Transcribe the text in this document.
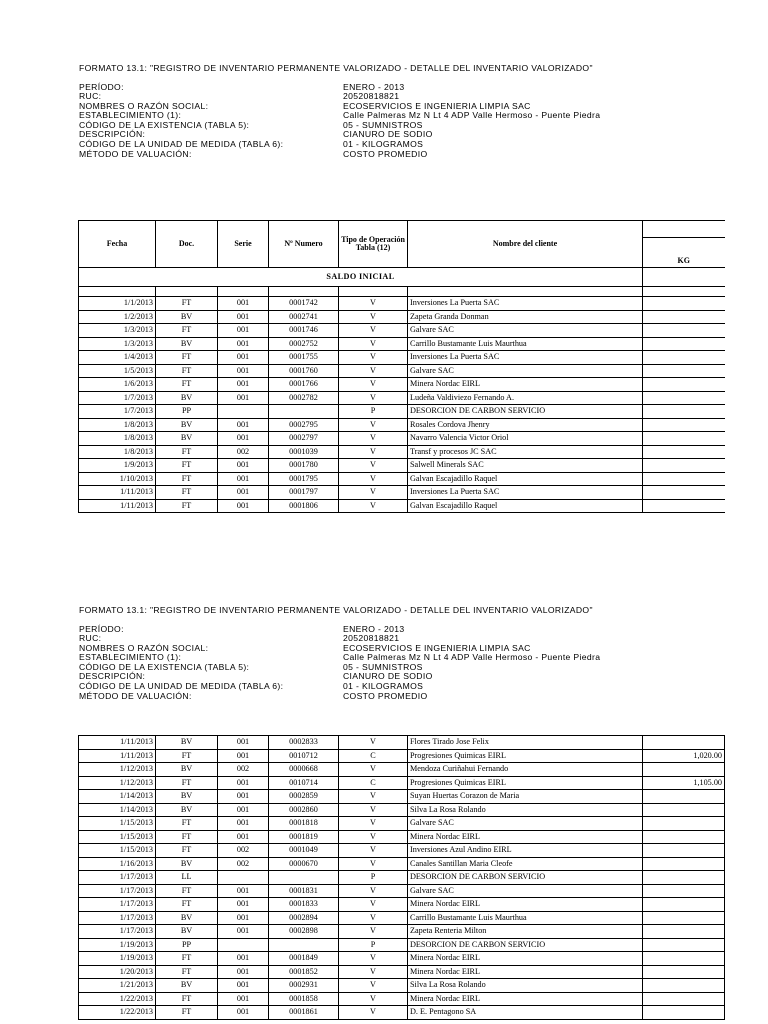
FORMATO 13.1: "REGISTRO DE INVENTARIO PERMANENTE VALORIZADO - DETALLE DEL INVENTARIO VALORIZADO"
PERÍODO:	ENERO - 2013
RUC:	20520818821
NOMBRES O RAZÓN SOCIAL:	ECOSERVICIOS E INGENIERIA LIMPIA SAC
ESTABLECIMIENTO (1):	Calle Palmeras Mz N Lt 4 ADP Valle Hermoso - Puente Piedra
CÓDIGO DE LA EXISTENCIA (TABLA 5):	05 - SUMNISTROS
DESCRIPCIÓN:	CIANURO DE SODIO
CÓDIGO DE LA UNIDAD DE MEDIDA (TABLA 6):	01 - KILOGRAMOS
MÉTODO DE VALUACIÓN:	COSTO PROMEDIO
Fecha	Doc.	Serie	Nº Numero	Tipo de Operación Tabla (12)	Nombre del cliente	
						KG
SALDO INICIAL						

1/1/2013	FT	001	0001742	V	Inversiones La Puerta SAC	
1/2/2013	BV	001	0002741	V	Zapeta Granda Donman	
1/3/2013	FT	001	0001746	V	Galvare SAC	
1/3/2013	BV	001	0002752	V	Carrillo Bustamante Luis Maurthua	
1/4/2013	FT	001	0001755	V	Inversiones La Puerta SAC	
1/5/2013	FT	001	0001760	V	Galvare SAC	
1/6/2013	FT	001	0001766	V	Minera Nordac EIRL	
1/7/2013	BV	001	0002782	V	Ludeña Valdiviezo Fernando A.	
1/7/2013	PP			P	DESORCION DE CARBON SERVICIO	
1/8/2013	BV	001	0002795	V	Rosales Cordova Jhenry	
1/8/2013	BV	001	0002797	V	Navarro Valencia Victor Oriol	
1/8/2013	FT	002	0001039	V	Transf y procesos JC SAC	
1/9/2013	FT	001	0001780	V	Salwell Minerals SAC	
1/10/2013	FT	001	0001795	V	Galvan Escajadillo Raquel	
1/11/2013	FT	001	0001797	V	Inversiones La Puerta SAC	
1/11/2013	FT	001	0001806	V	Galvan Escajadillo Raquel	
FORMATO 13.1: "REGISTRO DE INVENTARIO PERMANENTE VALORIZADO - DETALLE DEL INVENTARIO VALORIZADO"
PERÍODO:	ENERO - 2013
RUC:	20520818821
NOMBRES O RAZÓN SOCIAL:	ECOSERVICIOS E INGENIERIA LIMPIA SAC
ESTABLECIMIENTO (1):	Calle Palmeras Mz N Lt 4 ADP Valle Hermoso - Puente Piedra
CÓDIGO DE LA EXISTENCIA (TABLA 5):	05 - SUMNISTROS
DESCRIPCIÓN:	CIANURO DE SODIO
CÓDIGO DE LA UNIDAD DE MEDIDA (TABLA 6):	01 - KILOGRAMOS
MÉTODO DE VALUACIÓN:	COSTO PROMEDIO
1/11/2013	BV	001	0002833	V	Flores Tirado Jose Felix	
1/11/2013	FT	001	0010712	C	Progresiones Quimicas EIRL	1,020.00
1/12/2013	BV	002	0000668	V	Mendoza Curiñahui Fernando	
1/12/2013	FT	001	0010714	C	Progresiones Quimicas EIRL	1,105.00
1/14/2013	BV	001	0002859	V	Suyan Huertas Corazon de Maria	
1/14/2013	BV	001	0002860	V	Silva La Rosa Rolando	
1/15/2013	FT	001	0001818	V	Galvare SAC	
1/15/2013	FT	001	0001819	V	Minera Nordac EIRL	
1/15/2013	FT	002	0001049	V	Inversiones Azul Andino EIRL	
1/16/2013	BV	002	0000670	V	Canales Santillan Maria Cleofe	
1/17/2013	LL			P	DESORCION DE CARBON SERVICIO	
1/17/2013	FT	001	0001831	V	Galvare SAC	
1/17/2013	FT	001	0001833	V	Minera Nordac EIRL	
1/17/2013	BV	001	0002894	V	Carrillo Bustamante Luis Maurthua	
1/17/2013	BV	001	0002898	V	Zapeta Renteria Milton	
1/19/2013	PP			P	DESORCION DE CARBON SERVICIO	
1/19/2013	FT	001	0001849	V	Minera Nordac EIRL	
1/20/2013	FT	001	0001852	V	Minera Nordac EIRL	
1/21/2013	BV	001	0002931	V	Silva La Rosa Rolando	
1/22/2013	FT	001	0001858	V	Minera Nordac EIRL	
1/22/2013	FT	001	0001861	V	D. E. Pentagono SA	
